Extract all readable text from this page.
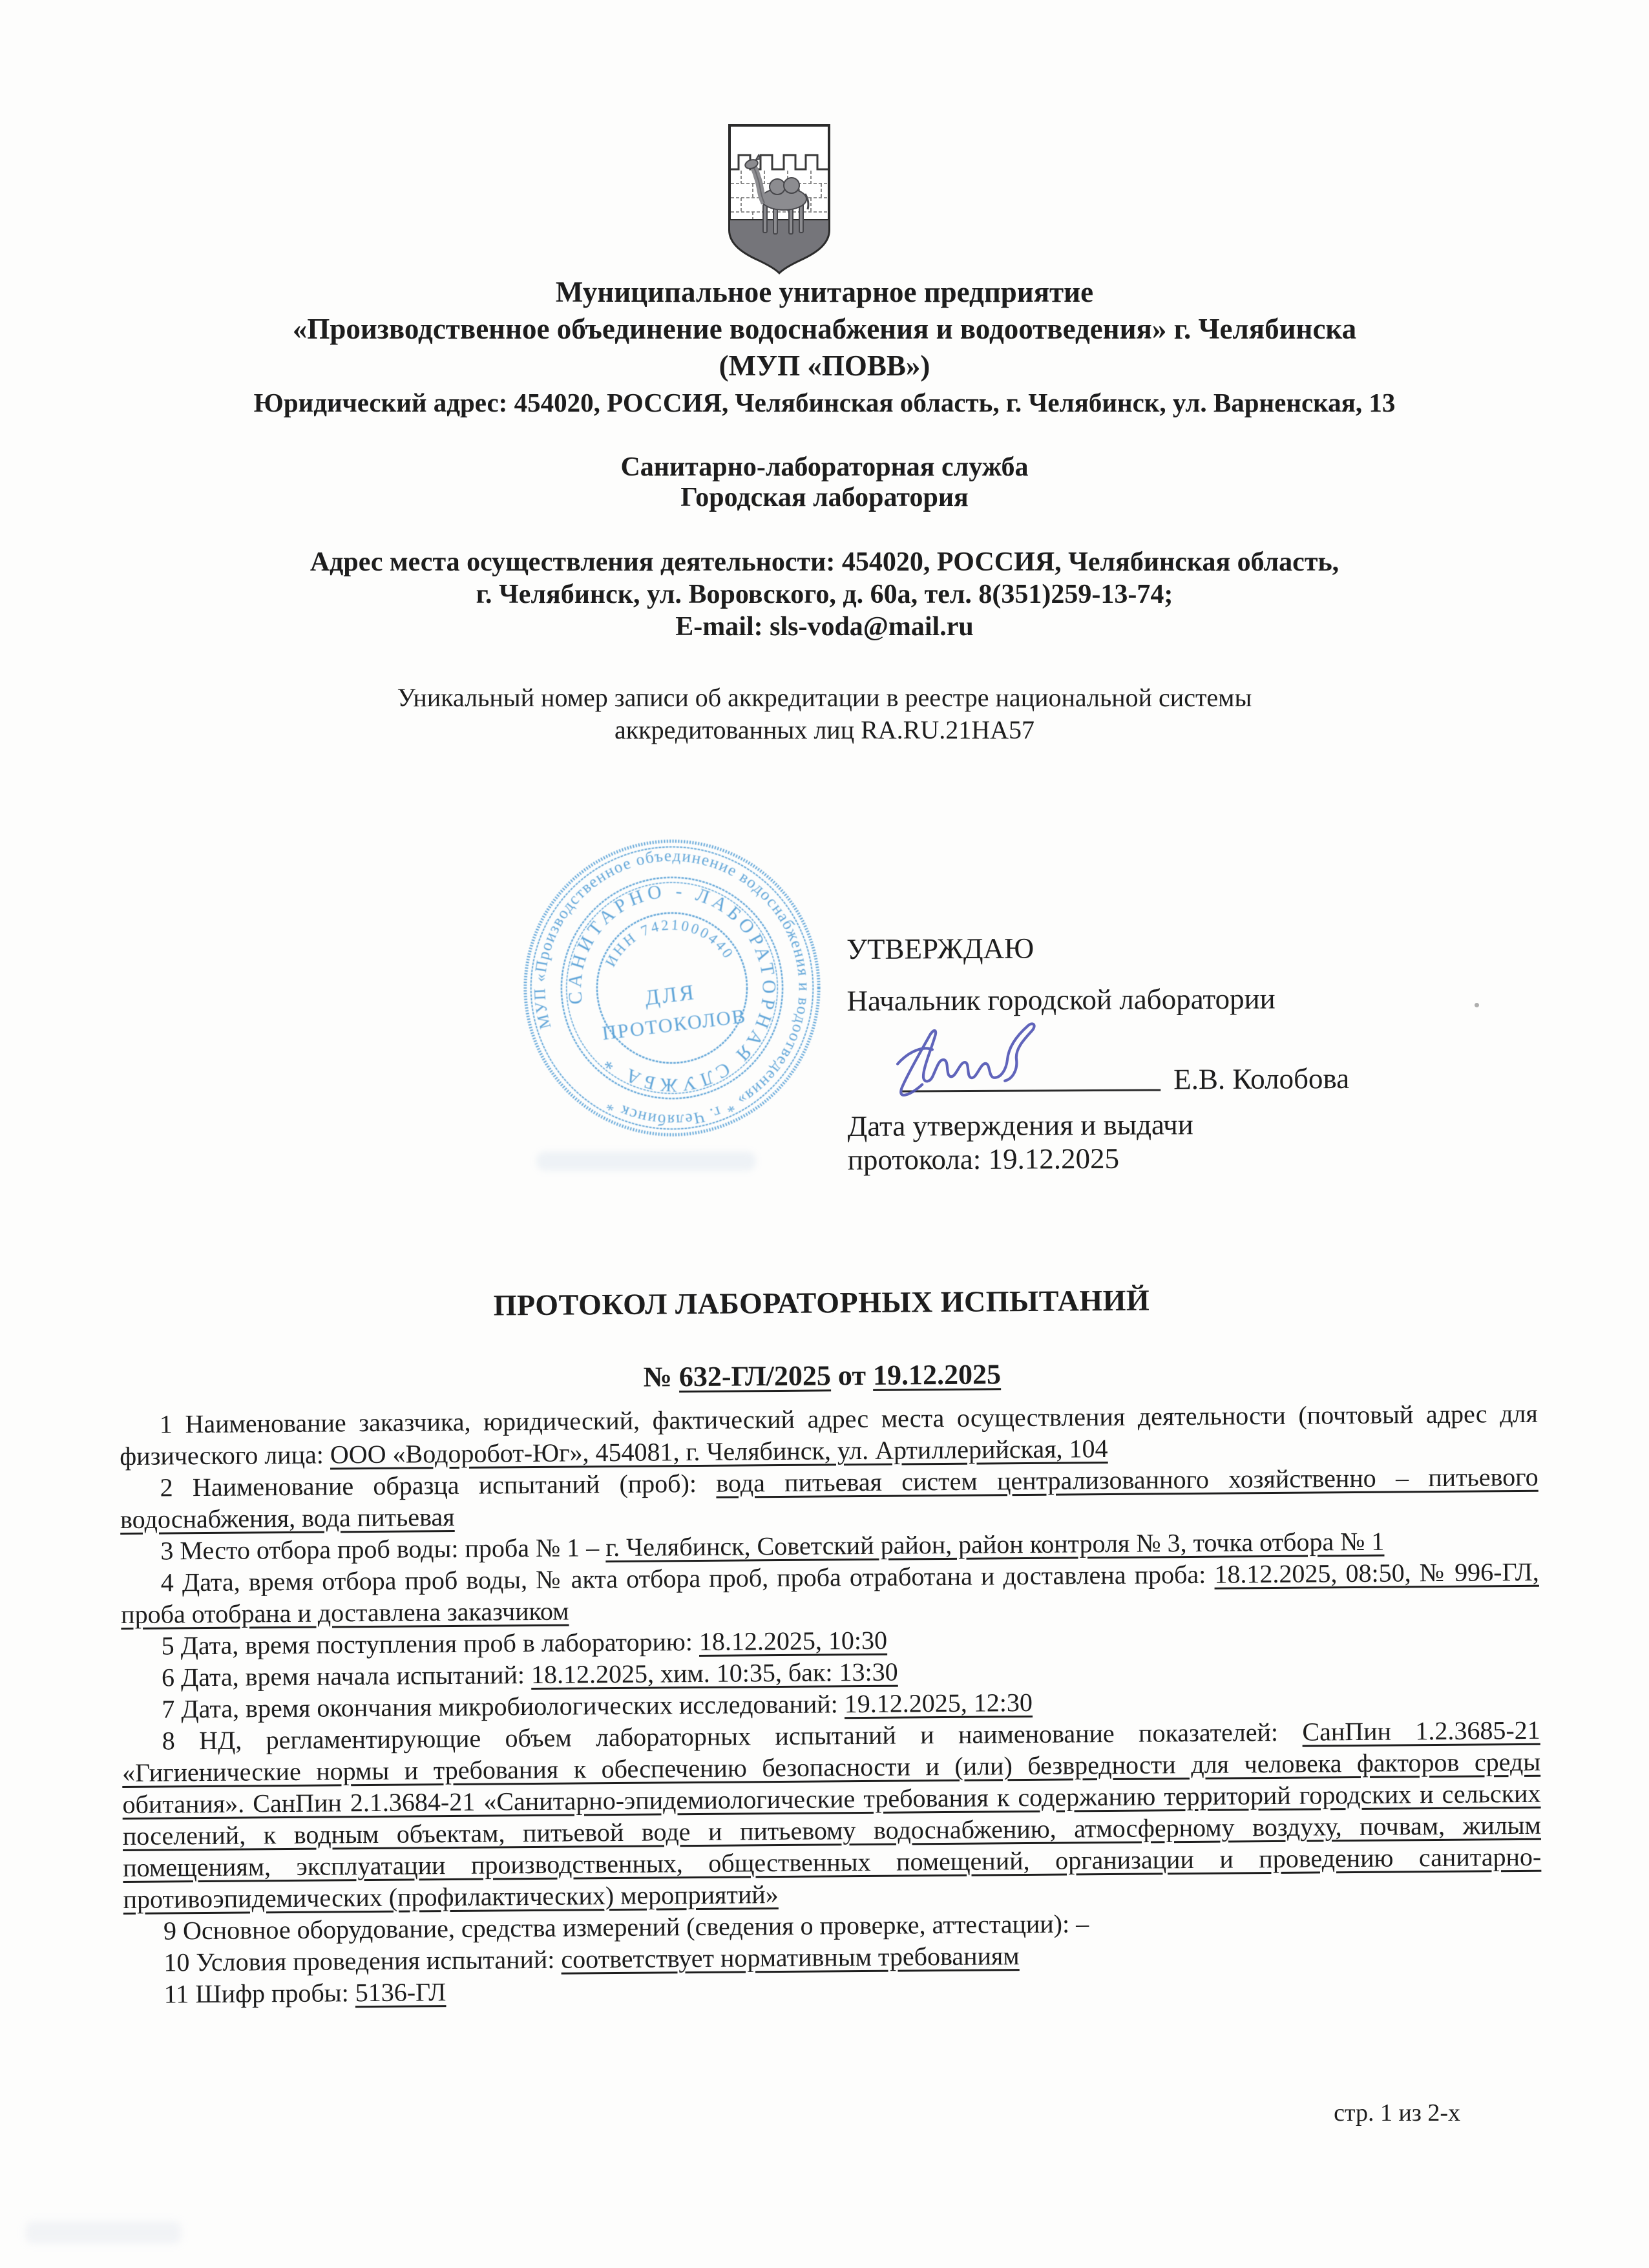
Муниципальное унитарное предприятие
«Производственное объединение водоснабжения и водоотведения» г. Челябинска
(МУП «ПОВВ»)
Юридический адрес: 454020, РОССИЯ, Челябинская область, г. Челябинск, ул. Варненская, 13
Санитарно-лабораторная служба
Городская лаборатория
Адрес места осуществления деятельности: 454020, РОССИЯ, Челябинская область,
г. Челябинск, ул. Воровского, д. 60а, тел. 8(351)259-13-74;
E-mail: sls-voda@mail.ru
Уникальный номер записи об аккредитации в реестре национальной системы
аккредитованных лиц RA.RU.21НА57
МУП «Производственное объединение водоснабжения и водоотведения» * г. Челябинск *
САНИТАРНО - ЛАБОРАТОРНАЯ СЛУЖБА *
ИНН 7421000440
ДЛЯ
ПРОТОКОЛОВ
УТВЕРЖДАЮ
Начальник городской лаборатории
Е.В. Колобова
Дата утверждения и выдачи
протокола: 19.12.2025
ПРОТОКОЛ ЛАБОРАТОРНЫХ ИСПЫТАНИЙ
№ 632-ГЛ/2025 от 19.12.2025

1 Наименование заказчика, юридический, фактический адрес места осуществления деятельности (почтовый адрес для физического лица: ООО «Водоробот-Юг», 454081, г. Челябинск, ул. Артиллерийская, 104

2 Наименование образца испытаний (проб): вода питьевая систем централизованного хозяйственно – питьевого водоснабжения, вода питьевая

3 Место отбора проб воды: проба № 1 – г. Челябинск, Советский район, район контроля № 3, точка отбора № 1

4 Дата, время отбора проб воды, № акта отбора проб, проба отработана и доставлена проба: 18.12.2025, 08:50, № 996-ГЛ, проба отобрана и доставлена заказчиком

5 Дата, время поступления проб в лабораторию: 18.12.2025, 10:30

6 Дата, время начала испытаний: 18.12.2025, хим. 10:35, бак: 13:30

7 Дата, время окончания микробиологических исследований: 19.12.2025, 12:30

8 НД, регламентирующие объем лабораторных испытаний и наименование показателей: СанПин 1.2.3685-21 «Гигиенические нормы и требования к обеспечению безопасности и (или) безвредности для человека факторов среды обитания». СанПин 2.1.3684-21 «Санитарно-эпидемиологические требования к содержанию территорий городских и сельских поселений, к водным объектам, питьевой воде и питьевому водоснабжению, атмосферному воздуху, почвам, жилым помещениям, эксплуатации производственных, общественных помещений, организации и проведению санитарно-противоэпидемических (профилактических) мероприятий»

9 Основное оборудование, средства измерений (сведения о проверке, аттестации): –

10 Условия проведения испытаний: соответствует нормативным требованиям

11 Шифр пробы: 5136-ГЛ

стр. 1 из 2-х
